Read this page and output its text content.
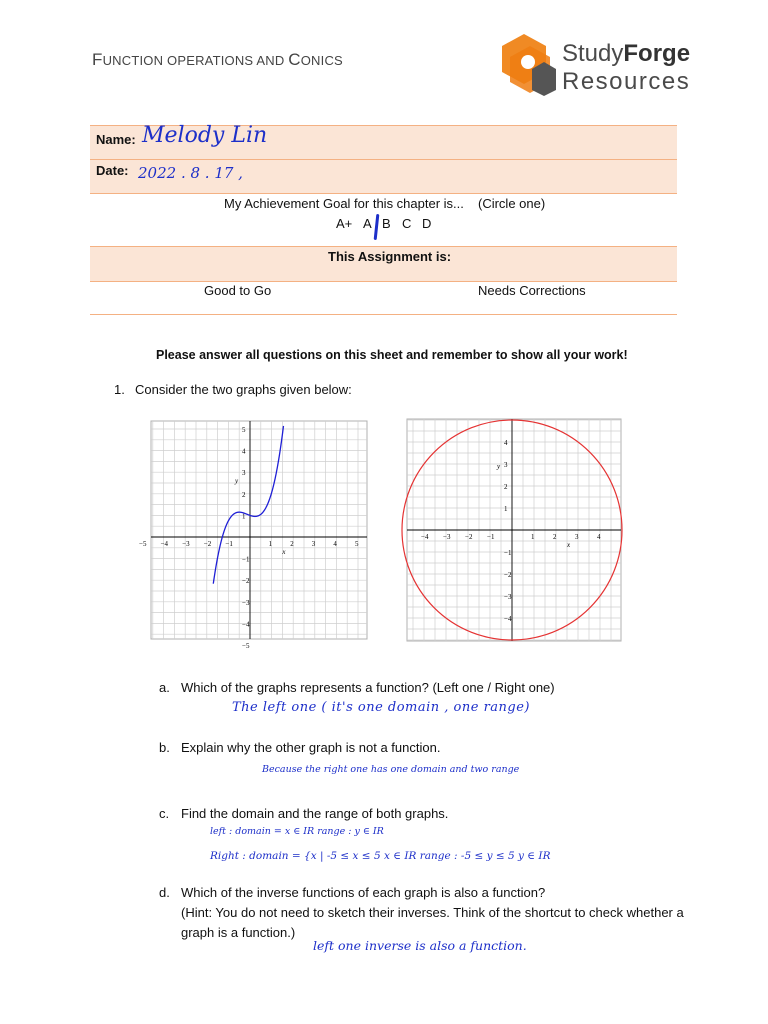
FUNCTION OPERATIONS AND CONICS	StudyForge
Resources
Name: Melody Lin
Date: 2022 . 8 . 17 ,
My Achievement Goal for this chapter is... (Circle one)
A+ A B C D
This Assignment is:
Good to Go	Needs Corrections
Please answer all questions on this sheet and remember to show all your work!
1. Consider the two graphs given below:
−5 −4 −3 −2 −1	1	2	3	4	5
5
4
3
2
1
−1
−2
−3
−4
−5
x
y
−4 −3 −2 −1	1	2	3	4
4
3
2
1
−1
−2
−3
−4
x
y
a. Which of the graphs represents a function? (Left one / Right one)
The left one ( it's one domain , one range)
b. Explain why the other graph is not a function.
Because the right one has one domain and two range
c. Find the domain and the range of both graphs.
left : domain = x ∈ IR range : y ∈ IR
Right : domain = {x | -5 ≤ x ≤ 5 x ∈ IR range : -5 ≤ y ≤ 5 y ∈ IR
d. Which of the inverse functions of each graph is also a function?
(Hint: You do not need to sketch their inverses. Think of the shortcut to check whether a
graph is a function.)
left one inverse is also a function.
